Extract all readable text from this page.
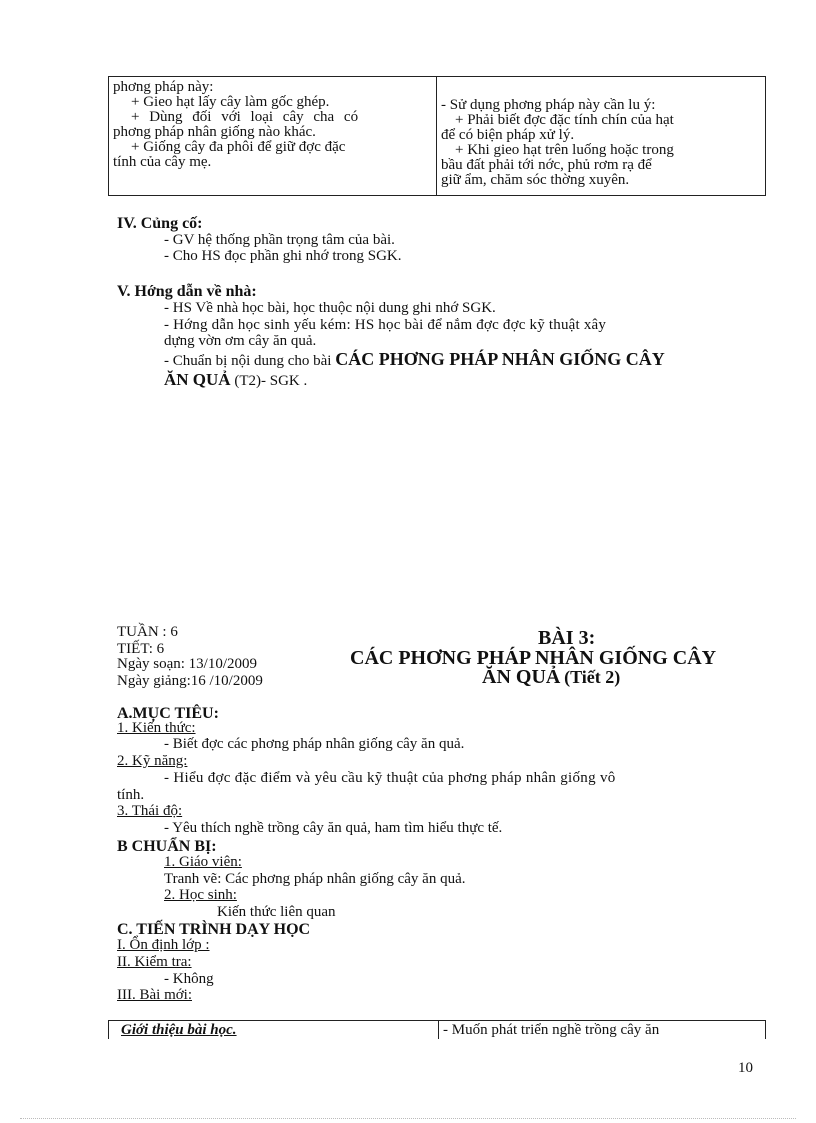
phơng pháp này:
+ Gieo hạt lấy cây làm gốc ghép.
+ Dùng đối với loại cây cha có
phơng pháp nhân giống nào khác.
+ Giống cây đa phôi để giữ đợc đặc
tính của cây mẹ.
- Sử dụng phơng pháp này cần lu ý:
+ Phải biết đợc đặc tính chín của hạt
để có biện pháp xử lý.
+ Khi gieo hạt trên luống hoặc trong
bầu đất phải tới nớc, phủ rơm rạ để
giữ ẩm, chăm sóc thờng xuyên.
IV. Củng cố:
- GV hệ thống phần trọng tâm của bài.
- Cho HS đọc phần ghi nhớ trong SGK.
V. Hớng dẫn về nhà:
- HS Về nhà học bài, học thuộc nội dung ghi nhớ SGK.
- Hớng dẫn học sinh yếu kém: HS học bài để nắm đợc đợc kỹ thuật xây
dựng vờn ơm cây ăn quả.
- Chuẩn bị nội dung cho bài CÁC PHƠNG PHÁP NHÂN GIỐNG CÂY
ĂN QUẢ (T2)- SGK .
TUẦN : 6
TIẾT: 6
Ngày soạn: 13/10/2009
Ngày giảng:16 /10/2009
BÀI 3:
CÁC PHƠNG PHÁP NHÂN GIỐNG CÂY
ĂN QUẢ (Tiết 2)
A.MỤC TIÊU:
1. Kiến thức:
- Biết đợc các phơng pháp nhân giống cây ăn quả.
2. Kỹ năng:
- Hiểu đợc đặc điểm và yêu cầu kỹ thuật của phơng pháp nhân giống vô
tính.
3. Thái độ:
- Yêu thích nghề trồng cây ăn quả, ham tìm hiểu thực tế.
B CHUẨN BỊ:
1. Giáo viên:
Tranh vẽ: Các phơng pháp nhân giống cây ăn quả.
2. Học sinh:
Kiến thức liên quan
C. TIẾN TRÌNH DẠY HỌC
I. Ổn định lớp :
II. Kiểm tra:
- Không
III. Bài mới:
Giới thiệu bài học.	- Muốn phát triển nghề trồng cây ăn
10
